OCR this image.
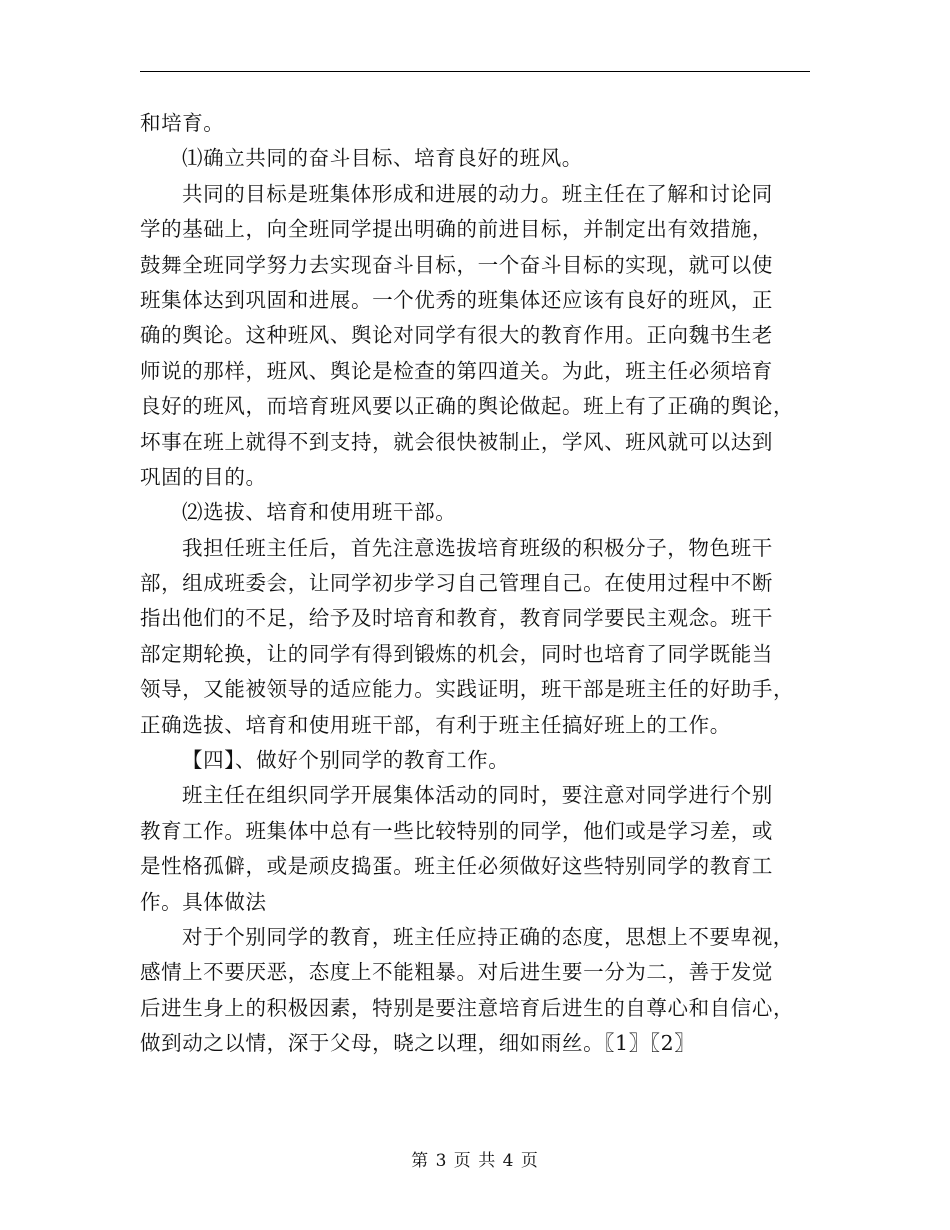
和培育。
⑴确立共同的奋斗目标、培育良好的班风。
共同的目标是班集体形成和进展的动力。班主任在了解和讨论同
学的基础上，向全班同学提出明确的前进目标，并制定出有效措施，
鼓舞全班同学努力去实现奋斗目标，一个奋斗目标的实现，就可以使
班集体达到巩固和进展。一个优秀的班集体还应该有良好的班风，正
确的舆论。这种班风、舆论对同学有很大的教育作用。正向魏书生老
师说的那样，班风、舆论是检查的第四道关。为此，班主任必须培育
良好的班风，而培育班风要以正确的舆论做起。班上有了正确的舆论，
坏事在班上就得不到支持，就会很快被制止，学风、班风就可以达到
巩固的目的。
⑵选拔、培育和使用班干部。
我担任班主任后，首先注意选拔培育班级的积极分子，物色班干
部，组成班委会，让同学初步学习自己管理自己。在使用过程中不断
指出他们的不足，给予及时培育和教育，教育同学要民主观念。班干
部定期轮换，让的同学有得到锻炼的机会，同时也培育了同学既能当
领导，又能被领导的适应能力。实践证明，班干部是班主任的好助手，
正确选拔、培育和使用班干部，有利于班主任搞好班上的工作。
【四】、做好个别同学的教育工作。
班主任在组织同学开展集体活动的同时，要注意对同学进行个别
教育工作。班集体中总有一些比较特别的同学，他们或是学习差，或
是性格孤僻，或是顽皮捣蛋。班主任必须做好这些特别同学的教育工
作。具体做法
对于个别同学的教育，班主任应持正确的态度，思想上不要卑视，
感情上不要厌恶，态度上不能粗暴。对后进生要一分为二，善于发觉
后进生身上的积极因素，特别是要注意培育后进生的自尊心和自信心，
做到动之以情，深于父母，晓之以理，细如雨丝。〖1〗〖2〗
第 3 页 共 4 页
